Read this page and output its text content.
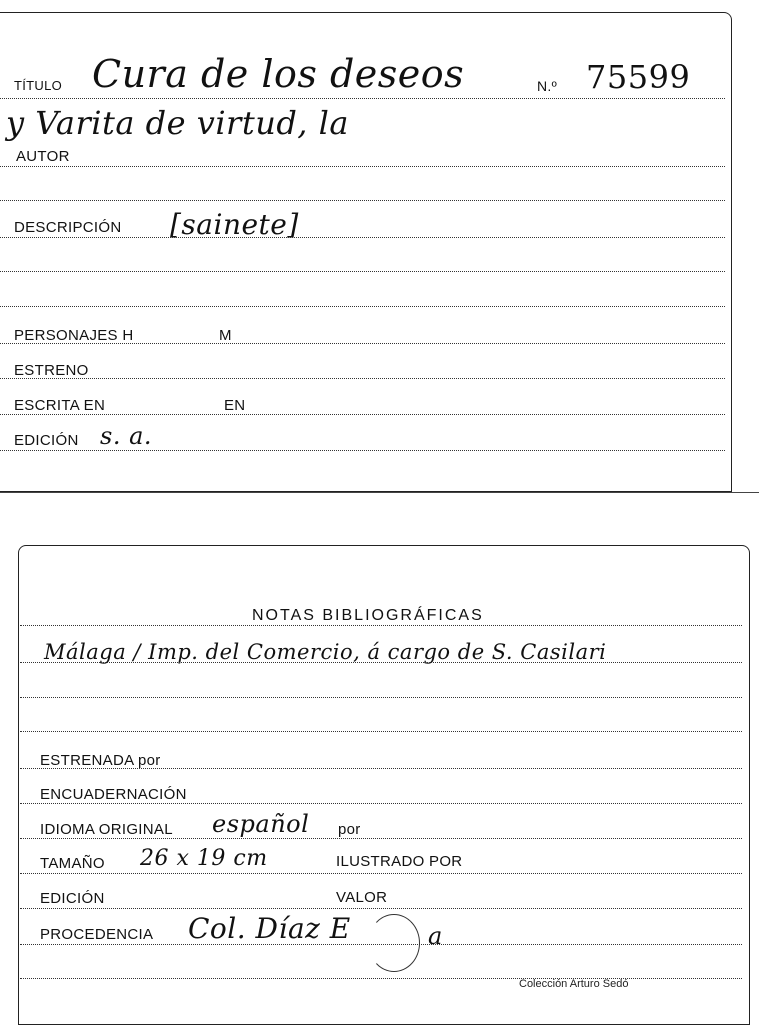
TÍTULO Cura de los deseos	N.º 75599
y Varita de virtud, la
AUTOR
DESCRIPCIÓN [sainete]
PERSONAJES H	M
ESTRENO
ESCRITA EN	EN
EDICIÓN s. a.
NOTAS BIBLIOGRÁFICAS
Málaga / Imp. del Comercio, á cargo de S. Casilari
ESTRENADA por
ENCUADERNACIÓN
IDIOMA ORIGINAL español por
TAMAÑO 26 x 19 cm	ILUSTRADO POR
EDICIÓN	VALOR
PROCEDENCIA Col. Díaz E	a
Colección Arturo Sedó
